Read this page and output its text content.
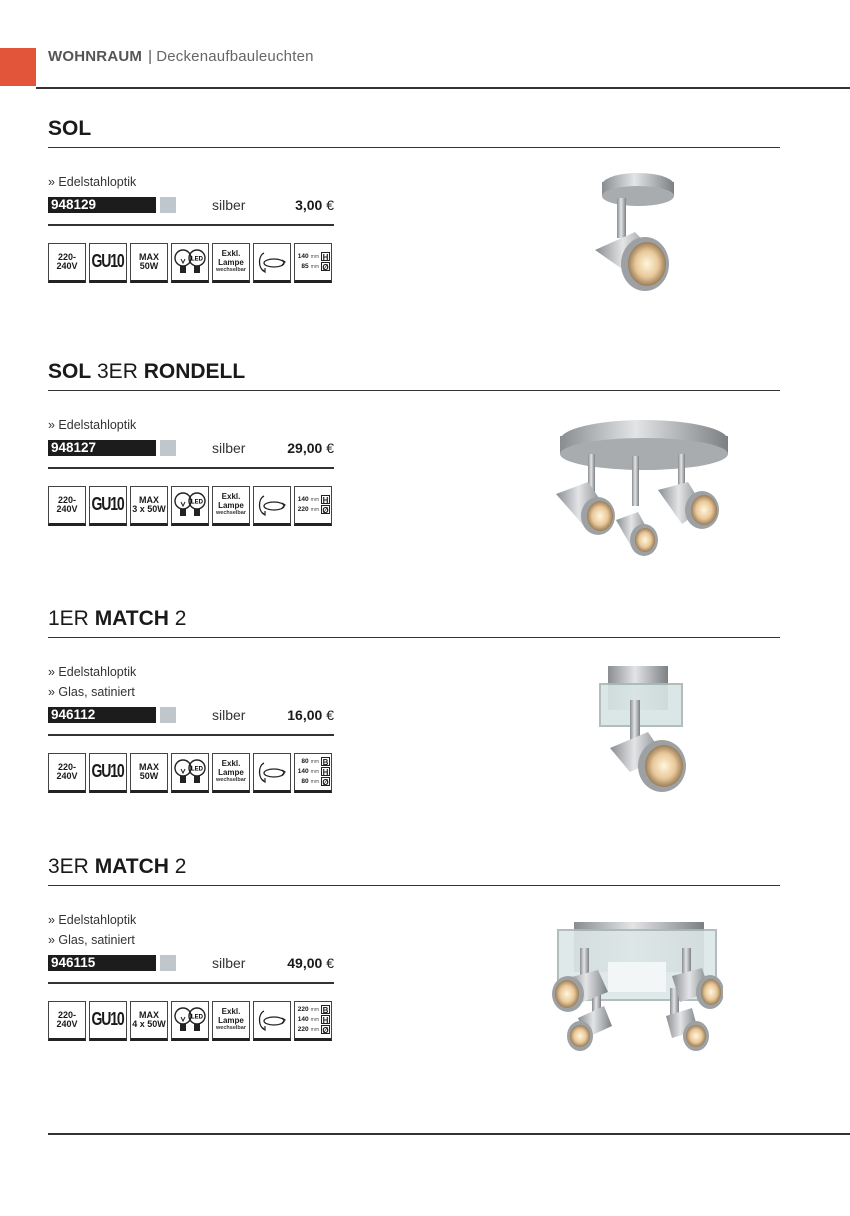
WOHNRAUM | Deckenaufbauleuchten
SOL
» Edelstahloptik
948129	silber	3,00 €
220-
240V GU10 MAX
50W
LED
Exkl.
Lampe
wechselbar
140 mm H
85 mm Ø
SOL 3ER RONDELL
» Edelstahloptik
948127	silber	29,00 €
220-
240V GU10 MAX
3 x 50W
LED
Exkl.
Lampe
wechselbar
140 mm H
220 mm Ø
1ER MATCH 2
» Edelstahloptik
» Glas, satiniert
946112	silber	16,00 €
220-
240V GU10 MAX
50W
LED
Exkl.
Lampe
wechselbar
80 mm B
140 mm H
80 mm Ø
3ER MATCH 2
» Edelstahloptik
» Glas, satiniert
946115	silber	49,00 €
220-
240V GU10 MAX
4 x 50W
LED
Exkl.
Lampe
wechselbar
220 mm B
140 mm H
220 mm Ø
